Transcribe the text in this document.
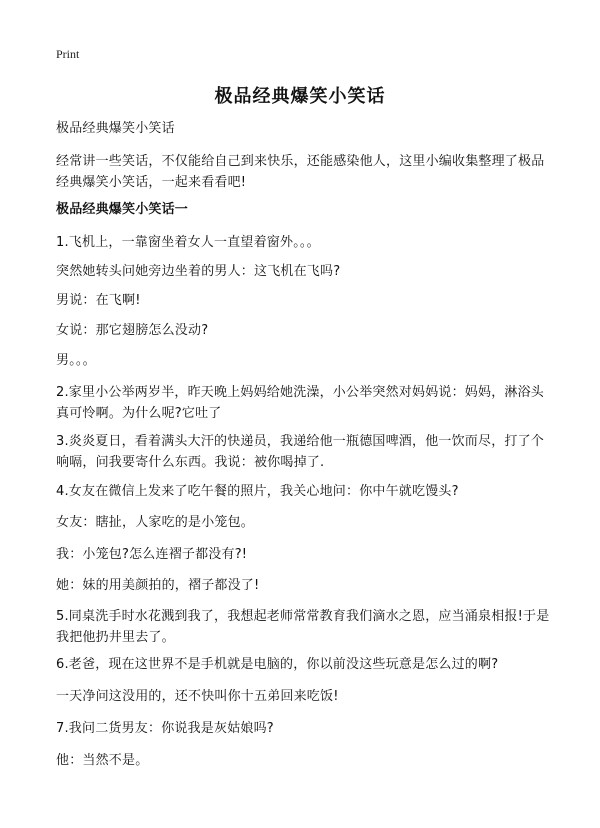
Print
极品经典爆笑小笑话
极品经典爆笑小笑话
经常讲一些笑话，不仅能给自己到来快乐，还能感染他人，这里小编收集整理了极品经典爆笑小笑话，一起来看看吧!
极品经典爆笑小笑话一
1.飞机上，一靠窗坐着女人一直望着窗外。。。
突然她转头问她旁边坐着的男人：这飞机在飞吗?
男说：在飞啊!
女说：那它翅膀怎么没动?
男。。。
2.家里小公举两岁半，昨天晚上妈妈给她洗澡，小公举突然对妈妈说：妈妈，淋浴头真可怜啊。为什么呢?它吐了
3.炎炎夏日，看着满头大汗的快递员，我递给他一瓶德国啤酒，他一饮而尽，打了个响嗝，问我要寄什么东西。我说：被你喝掉了.
4.女友在微信上发来了吃午餐的照片，我关心地问：你中午就吃馒头?
女友：瞎扯，人家吃的是小笼包。
我：小笼包?怎么连褶子都没有?!
她：妹的用美颜拍的，褶子都没了!
5.同桌洗手时水花溅到我了，我想起老师常常教育我们滴水之恩，应当涌泉相报!于是我把他扔井里去了。
6.老爸，现在这世界不是手机就是电脑的，你以前没这些玩意是怎么过的啊?
一天净问这没用的，还不快叫你十五弟回来吃饭!
7.我问二货男友：你说我是灰姑娘吗?
他：当然不是。
